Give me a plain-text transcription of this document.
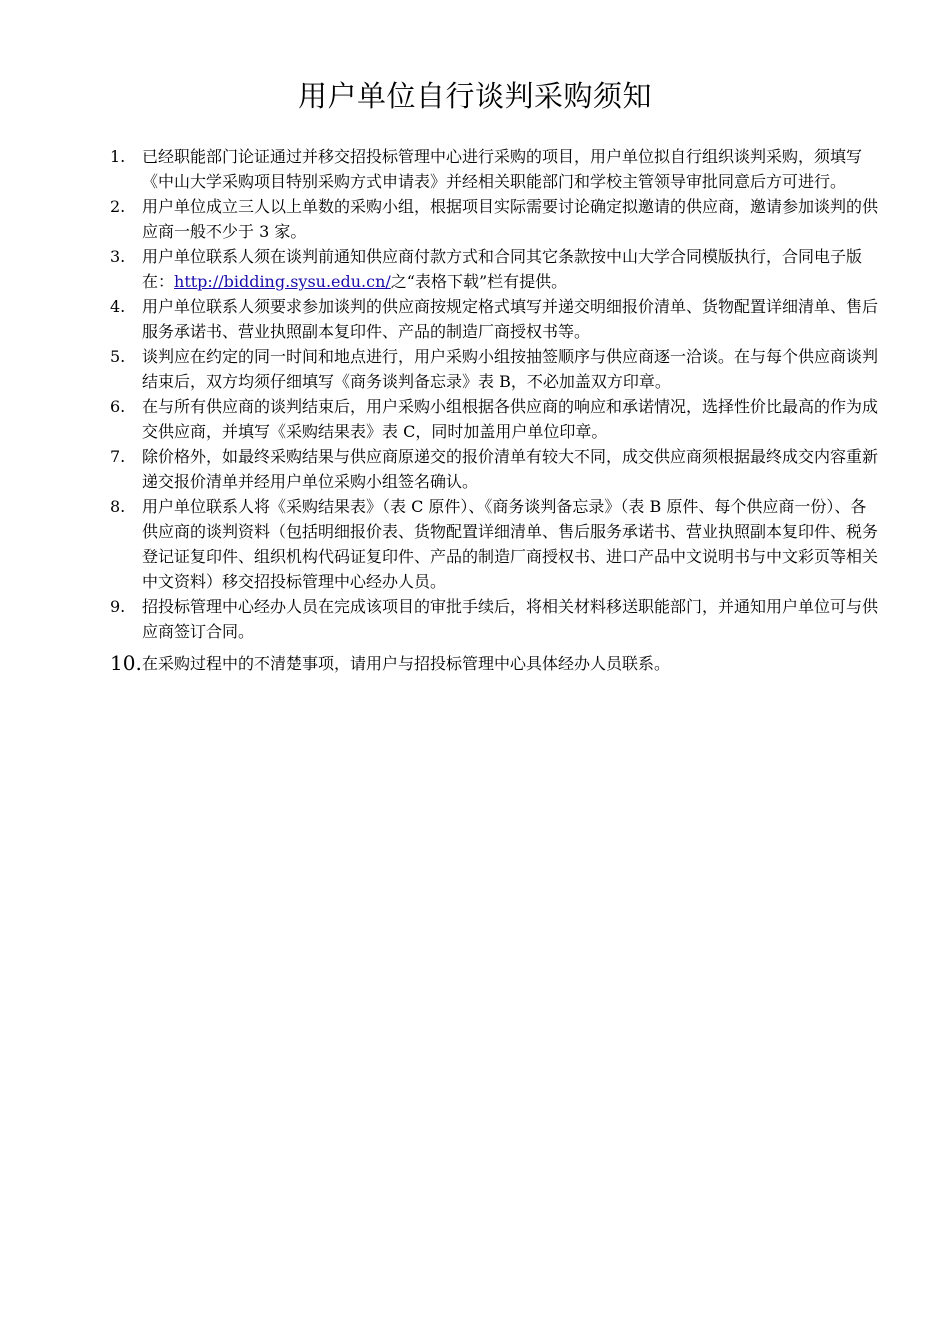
用户单位自行谈判采购须知
1.	已经职能部门论证通过并移交招投标管理中心进行采购的项目，用户单位拟自行组织谈判采购，须填写《中山大学采购项目特别采购方式申请表》并经相关职能部门和学校主管领导审批同意后方可进行。
2.	用户单位成立三人以上单数的采购小组，根据项目实际需要讨论确定拟邀请的供应商，邀请参加谈判的供应商一般不少于 3 家。
3.	用户单位联系人须在谈判前通知供应商付款方式和合同其它条款按中山大学合同模版执行，合同电子版在：http://bidding.sysu.edu.cn/之“表格下载”栏有提供。
4.	用户单位联系人须要求参加谈判的供应商按规定格式填写并递交明细报价清单、货物配置详细清单、售后服务承诺书、营业执照副本复印件、产品的制造厂商授权书等。
5.	谈判应在约定的同一时间和地点进行，用户采购小组按抽签顺序与供应商逐一洽谈。在与每个供应商谈判结束后，双方均须仔细填写《商务谈判备忘录》表 B，不必加盖双方印章。
6.	在与所有供应商的谈判结束后，用户采购小组根据各供应商的响应和承诺情况，选择性价比最高的作为成交供应商，并填写《采购结果表》表 C，同时加盖用户单位印章。
7.	除价格外，如最终采购结果与供应商原递交的报价清单有较大不同，成交供应商须根据最终成交内容重新递交报价清单并经用户单位采购小组签名确认。
8.	用户单位联系人将《采购结果表》（表 C 原件）、《商务谈判备忘录》（表 B 原件、每个供应商一份）、各供应商的谈判资料（包括明细报价表、货物配置详细清单、售后服务承诺书、营业执照副本复印件、税务登记证复印件、组织机构代码证复印件、产品的制造厂商授权书、进口产品中文说明书与中文彩页等相关中文资料）移交招投标管理中心经办人员。
9.	招投标管理中心经办人员在完成该项目的审批手续后，将相关材料移送职能部门，并通知用户单位可与供应商签订合同。
10. 在采购过程中的不清楚事项，请用户与招投标管理中心具体经办人员联系。
